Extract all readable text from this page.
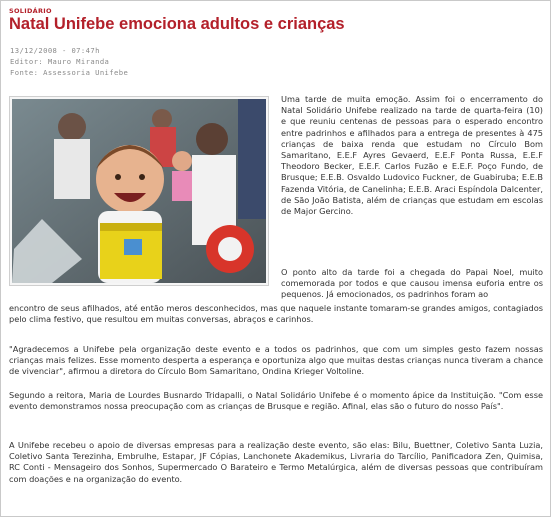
SOLIDÁRIO
Natal Unifebe emociona adultos e crianças
13/12/2008 - 07:47h
Editor: Mauro Miranda
Fonte: Assessoria Unifebe

Uma tarde de muita emoção. Assim foi o encerramento do Natal Solidário Unifebe realizado na tarde de quarta-feira (10) e que reuniu centenas de pessoas para o esperado encontro entre padrinhos e afilhados para a entrega de presentes à 475 crianças de baixa renda que estudam no Círculo Bom Samaritano, E.E.F Ayres Gevaerd, E.E.F Ponta Russa, E.E.F Theodoro Becker, E.E.F. Carlos Fuzão e E.E.F. Poço Fundo, de Brusque; E.E.B. Osvaldo Ludovico Fuckner, de Guabiruba; E.E.B Fazenda Vitória, de Canelinha; E.E.B. Araci Espíndola Dalcenter, de São João Batista, além de crianças que estudam em escolas de Major Gercino.

O ponto alto da tarde foi a chegada do Papai Noel, muito comemorada por todos e que causou imensa euforia entre os pequenos. Já emocionados, os padrinhos foram ao

encontro de seus afilhados, até então meros desconhecidos, mas que naquele instante tomaram-se grandes amigos, contagiados pelo clima festivo, que resultou em muitas conversas, abraços e carinhos.

"Agradecemos a Unifebe pela organização deste evento e a todos os padrinhos, que com um simples gesto fazem nossas crianças mais felizes. Esse momento desperta a esperança e oportuniza algo que muitas destas crianças nunca tiveram a chance de vivenciar", afirmou a diretora do Círculo Bom Samaritano, Ondina Krieger Voltoline.

Segundo a reitora, Maria de Lourdes Busnardo Tridapalli, o Natal Solidário Unifebe é o momento ápice da Instituição. "Com esse evento demonstramos nossa preocupação com as crianças de Brusque e região. Afinal, elas são o futuro do nosso País".

A Unifebe recebeu o apoio de diversas empresas para a realização deste evento, são elas: Bilu, Buettner, Coletivo Santa Luzia, Coletivo Santa Terezinha, Embrulhe, Estapar, JF Cópias, Lanchonete Akademikus, Livraria do Tarcílio, Panificadora Zen, Quimisa, RC Conti - Mensageiro dos Sonhos, Supermercado O Barateiro e Termo Metalúrgica, além de diversas pessoas que contribuíram com doações e na organização do evento.
